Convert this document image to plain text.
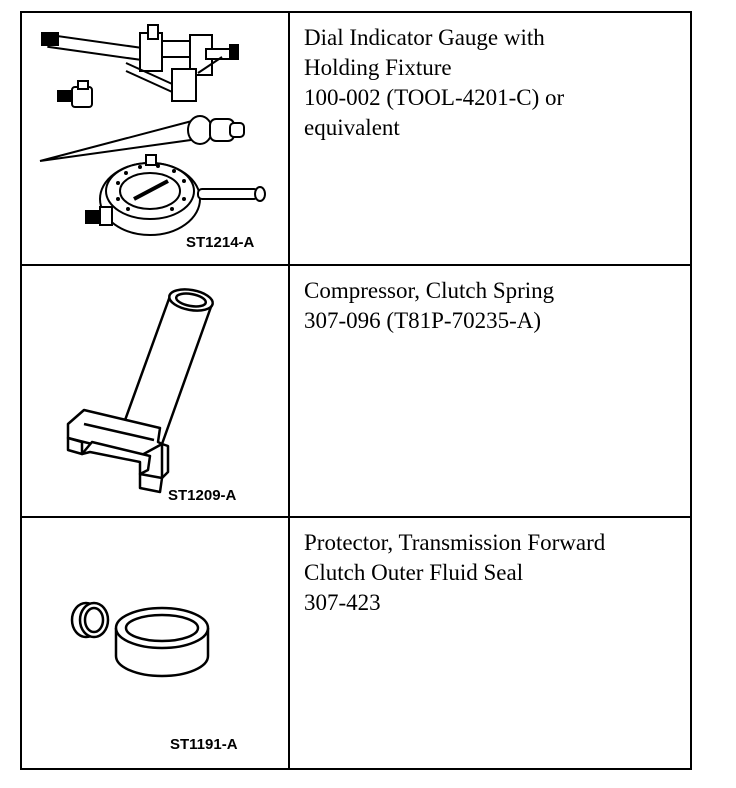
ST1214-A

Dial Indicator Gauge with
Holding Fixture
100-002 (TOOL-4201-C) or
equivalent

ST1209-A

Compressor, Clutch Spring
307-096 (T81P-70235-A)

ST1191-A

Protector, Transmission Forward
Clutch Outer Fluid Seal
307-423
